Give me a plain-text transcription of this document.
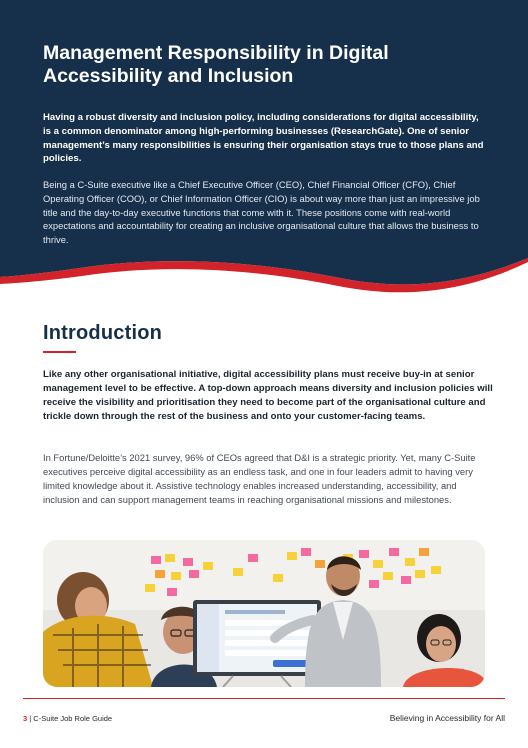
Management Responsibility in Digital Accessibility and Inclusion

Having a robust diversity and inclusion policy, including considerations for digital accessibility, is a common denominator among high-performing businesses (ResearchGate). One of senior management’s many responsibilities is ensuring their organisation stays true to those plans and policies.

Being a C-Suite executive like a Chief Executive Officer (CEO), Chief Financial Officer (CFO), Chief Operating Officer (COO), or Chief Information Officer (CIO) is about way more than just an impressive job title and the day-to-day executive functions that come with it. These positions come with real-world expectations and accountability for creating an inclusive organisational culture that allows the business to thrive.

Introduction

Like any other organisational initiative, digital accessibility plans must receive buy-in at senior management level to be effective. A top-down approach means diversity and inclusion policies will receive the visibility and prioritisation they need to become part of the organisational culture and trickle down through the rest of the business and onto your customer-facing teams.

In Fortune/Deloitte’s 2021 survey, 96% of CEOs agreed that D&I is a strategic priority. Yet, many C-Suite executives perceive digital accessibility as an endless task, and one in four leaders admit to having very limited knowledge about it. Assistive technology enables increased understanding, accessibility, and inclusion and can support management teams in reaching organisational missions and milestones.

3 | C-Suite Job Role Guide	Believing in Accessibility for All
